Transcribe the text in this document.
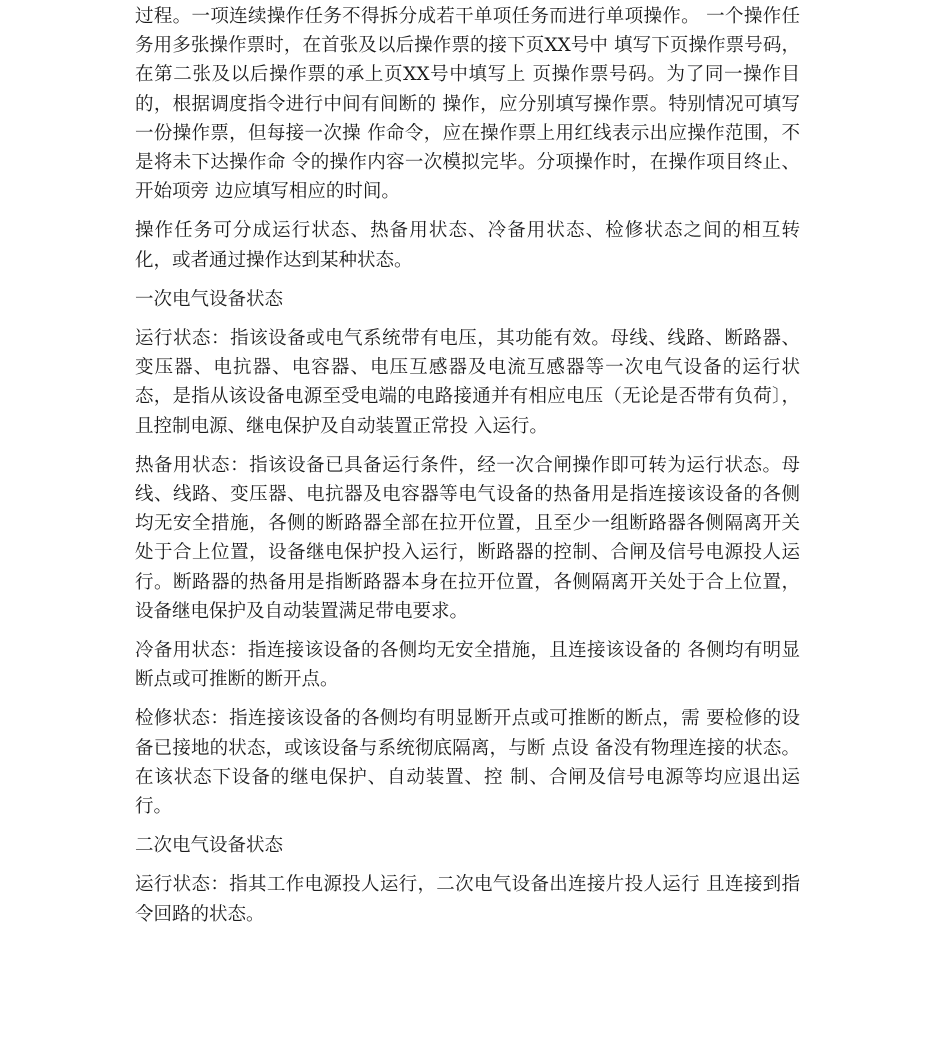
过程。一项连续操作任务不得拆分成若干单项任务而进行单项操作。 一个操作任务用多张操作票时，在首张及以后操作票的接下页XX号中 填写下页操作票号码，在第二张及以后操作票的承上页XX号中填写上 页操作票号码。为了同一操作目的，根据调度指令进行中间有间断的 操作，应分别填写操作票。特别情况可填写一份操作票，但每接一次操 作命令，应在操作票上用红线表示出应操作范围，不是将未下达操作命 令的操作内容一次模拟完毕。分项操作时，在操作项目终止、开始项旁 边应填写相应的时间。

操作任务可分成运行状态、热备用状态、冷备用状态、检修状态之间的相互转化，或者通过操作达到某种状态。

一次电气设备状态

运行状态：指该设备或电气系统带有电压，其功能有效。母线、线路、断路器、变压器、电抗器、电容器、电压互感器及电流互感器等一次电气设备的运行状态，是指从该设备电源至受电端的电路接通并有相应电压（无论是否带有负荷〕，且控制电源、继电保护及自动装置正常投 入运行。

热备用状态：指该设备已具备运行条件，经一次合闸操作即可转为运行状态。母线、线路、变压器、电抗器及电容器等电气设备的热备用是指连接该设备的各侧均无安全措施，各侧的断路器全部在拉开位置，且至少一组断路器各侧隔离开关处于合上位置，设备继电保护投入运行，断路器的控制、合闸及信号电源投人运行。断路器的热备用是指断路器本身在拉开位置，各侧隔离开关处于合上位置，设备继电保护及自动装置满足带电要求。

冷备用状态：指连接该设备的各侧均无安全措施，且连接该设备的 各侧均有明显断点或可推断的断开点。

检修状态：指连接该设备的各侧均有明显断开点或可推断的断点，需 要检修的设备已接地的状态，或该设备与系统彻底隔离，与断 点设 备没有物理连接的状态。在该状态下设备的继电保护、自动装置、控 制、合闸及信号电源等均应退出运行。

二次电气设备状态

运行状态：指其工作电源投人运行，二次电气设备出连接片投人运行 且连接到指令回路的状态。
